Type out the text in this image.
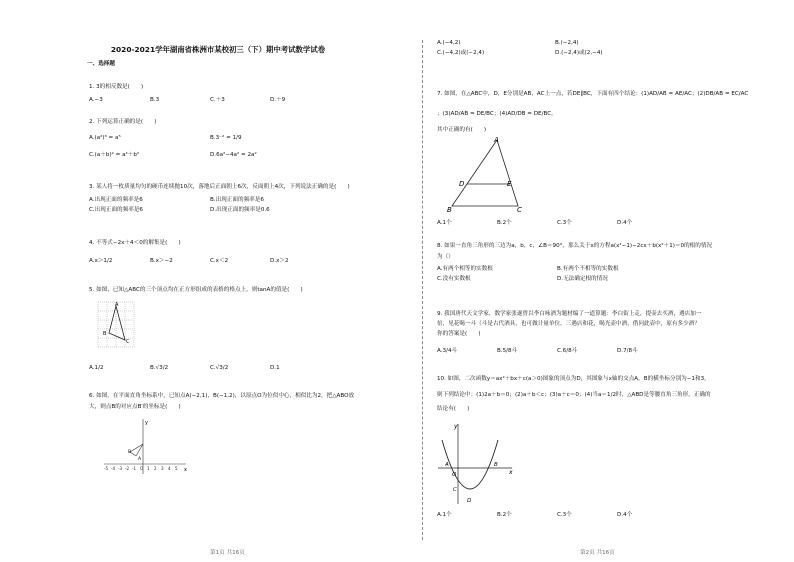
2020-2021学年湖南省株洲市某校初三（下）期中考试数学试卷
一、选择题
1. 3的相反数是(　　)
A.−3	B.3	C.＋3	D.＋9
2. 下列运算正确的是(　　)
A.(a²)³ = a⁵	B.3⁻² = 1/9
C.(a＋b)² = a²＋b²	D.6a²−4a² = 2a²
3. 某人将一枚质量均匀的硬币连续抛10次，落地后正面朝上6次，反面朝上4次，下列说法正确的是(　　)
A.出现正面的频率是6	B.出现正面的频率是6
C.出现正面的频率是6	D.出现正面的频率是0.6
4. 不等式−2x＋4＜0的解集是(　　)
A.x＞1/2	B.x＞−2	C.x＜2	D.x＞2
5. 如图，已知△ABC的三个顶点均在正方形组成的表格的格点上，则tanA的值是(　　)
A
B
C
A.1/2	B.√3/2	C.√3/2	D.1
6. 如图，在平面直角坐标系中，已知点A(−2,1)，B(−1,2)，以原点O为位似中心，相似比为2，把△ABO放
大，则点B的对应点B′的坐标是(　　)
y
x
B
A
-5 -4 -3 -2 -1 O 1 2 3 4 5
A.(−4,2)	B.(−2,4)
C.(−4,2)或(−2,4)	D.(−2,4)或(2,−4)
7. 如图，在△ABC中，D，E分别是AB，AC上一点，若DE∥BC，下面有四个结论：(1)AD/AB = AE/AC；(2)DB/AB = EC/AC
；(3)AD/AB = DE/BC；(4)AD/DB = DE/BC。
其中正确的有(　　)
A
D	E
B	C
A.1个	B.2个	C.3个	D.4个
8. 如果一直角三角形的三边为a，b，c，∠B＝90°，那么关于x的方程a(x²−1)−2cx＋b(x²＋1)＝0的根的情况
为（）
A.有两个相等的实数根	B.有两个不相等的实数根
C.没有实数根	D.无法确定根的情况
9. 我国唐代天文学家，数学家张遂曾以李白咏酒为题材编了一道算题：李白街上走，提壶去买酒，遇店加一
倍，见花喝一斗（斗是古代酒具，也可做计量单位。三遇店和花，喝光壶中酒，借问此壶中，原有多少酒？
你的答案是(　　)
A.3/4斗	B.5/8斗	C.6/8斗	D.7/8斗
10. 如图，二次函数y＝ax²＋bx＋c(a＞0)图象的顶点为D，其图象与x轴的交点A，B的横坐标分别为−1和3，
则下列结论中：(1)2a＋b＝0；(2)a＋b＜c；(3)a＋c＝0；(4)当a＝1/2时，△ABD是等腰直角三角形。正确的
结论有(　　)
y
x
O
A	B
C
D
A.1个	B.2个	C.3个	D.4个
第1页 共16页	第2页 共16页
